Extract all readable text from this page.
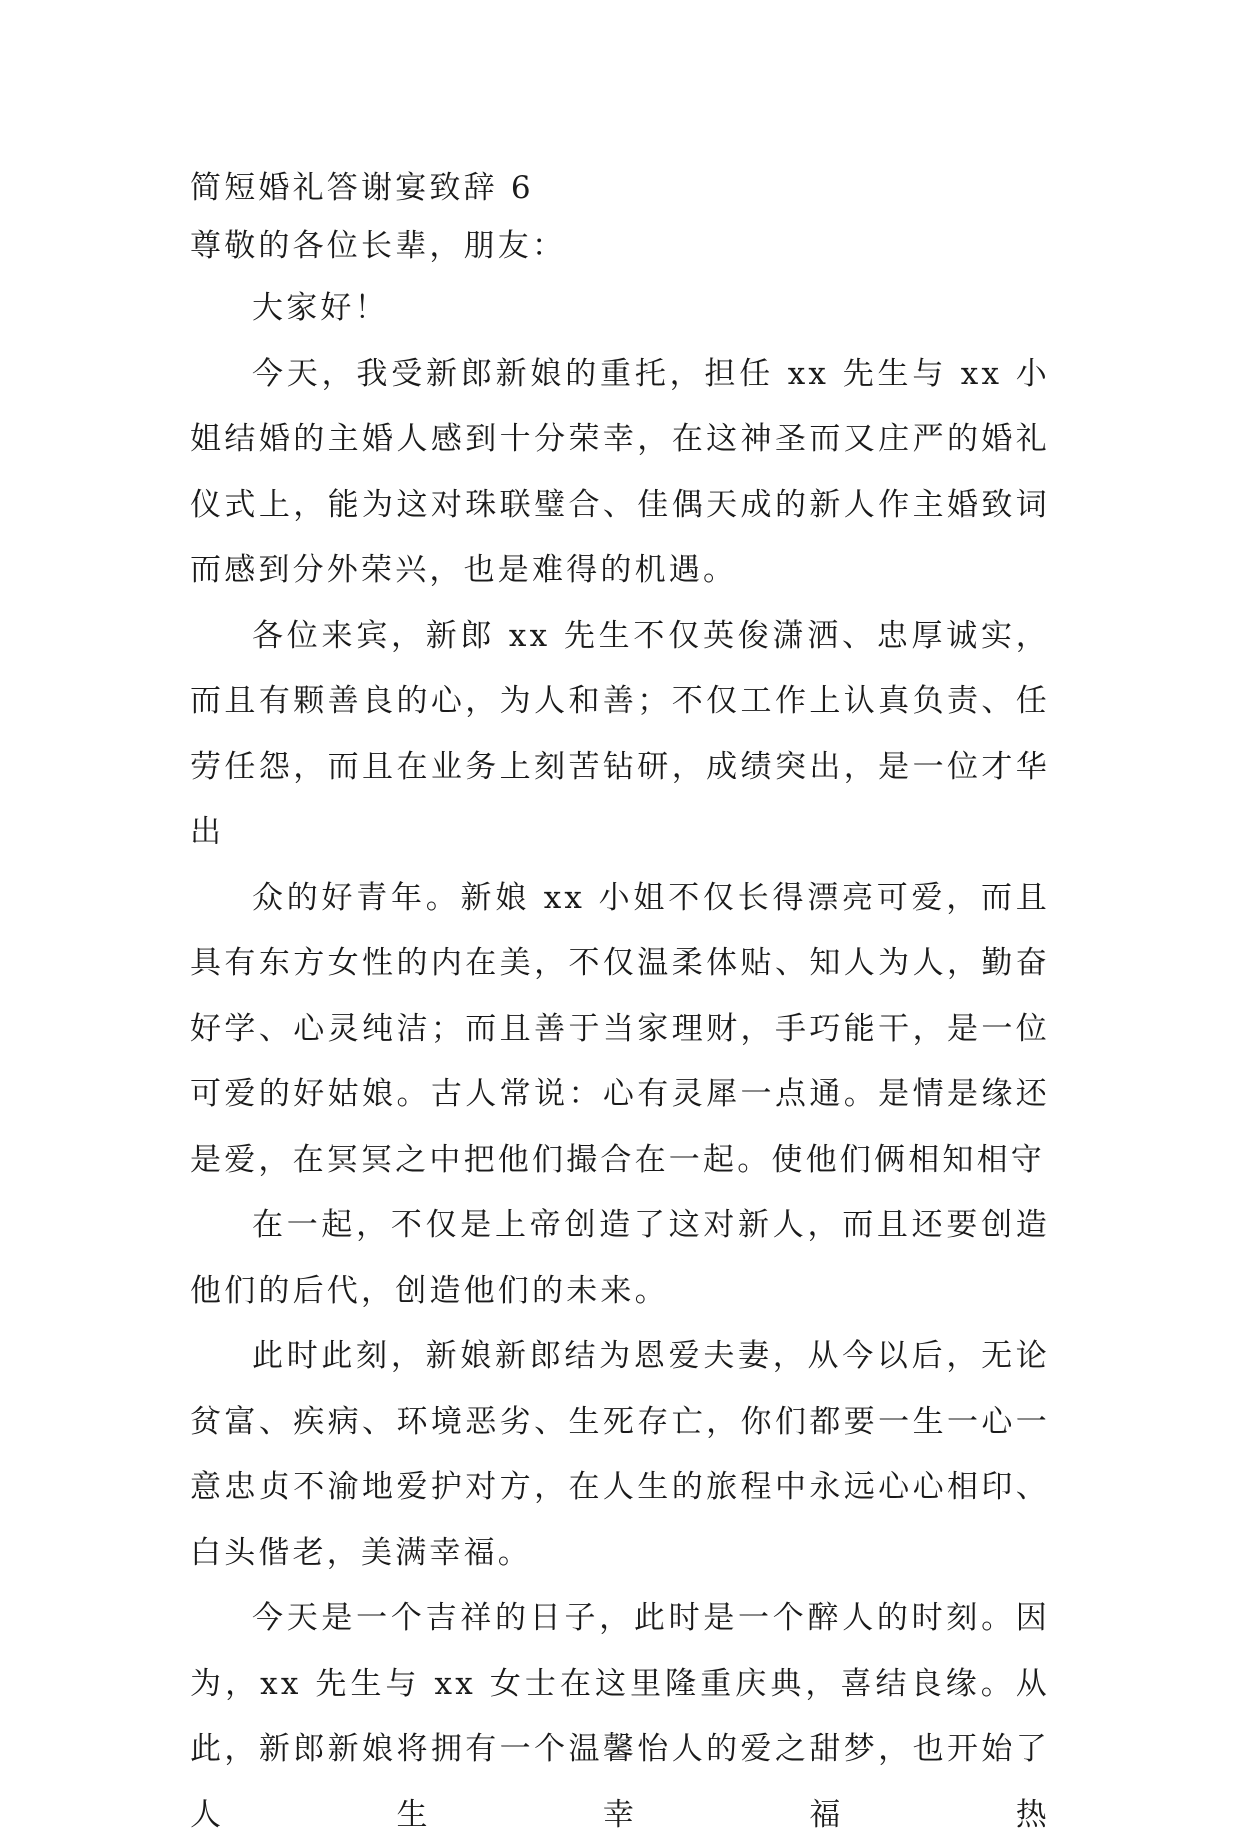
简短婚礼答谢宴致辞 6

尊敬的各位长辈，朋友：

大家好！

今天，我受新郎新娘的重托，担任 xx 先生与 xx 小姐结婚的主婚人感到十分荣幸，在这神圣而又庄严的婚礼仪式上，能为这对珠联璧合、佳偶天成的新人作主婚致词而感到分外荣兴，也是难得的机遇。

各位来宾，新郎 xx 先生不仅英俊潇洒、忠厚诚实，而且有颗善良的心，为人和善；不仅工作上认真负责、任劳任怨，而且在业务上刻苦钻研，成绩突出，是一位才华出

众的好青年。新娘 xx 小姐不仅长得漂亮可爱，而且具有东方女性的内在美，不仅温柔体贴、知人为人，勤奋好学、心灵纯洁；而且善于当家理财，手巧能干，是一位可爱的好姑娘。古人常说：心有灵犀一点通。是情是缘还是爱，在冥冥之中把他们撮合在一起。使他们俩相知相守

在一起，不仅是上帝创造了这对新人，而且还要创造他们的后代，创造他们的未来。

此时此刻，新娘新郎结为恩爱夫妻，从今以后，无论贫富、疾病、环境恶劣、生死存亡，你们都要一生一心一意忠贞不渝地爱护对方，在人生的旅程中永远心心相印、白头偕老，美满幸福。

今天是一个吉祥的日子，此时是一个醉人的时刻。因为，xx 先生与 xx 女士在这里隆重庆典，喜结良缘。从此，新郎新娘将拥有一个温馨怡人的爱之甜梦，也开始了人生幸福热
